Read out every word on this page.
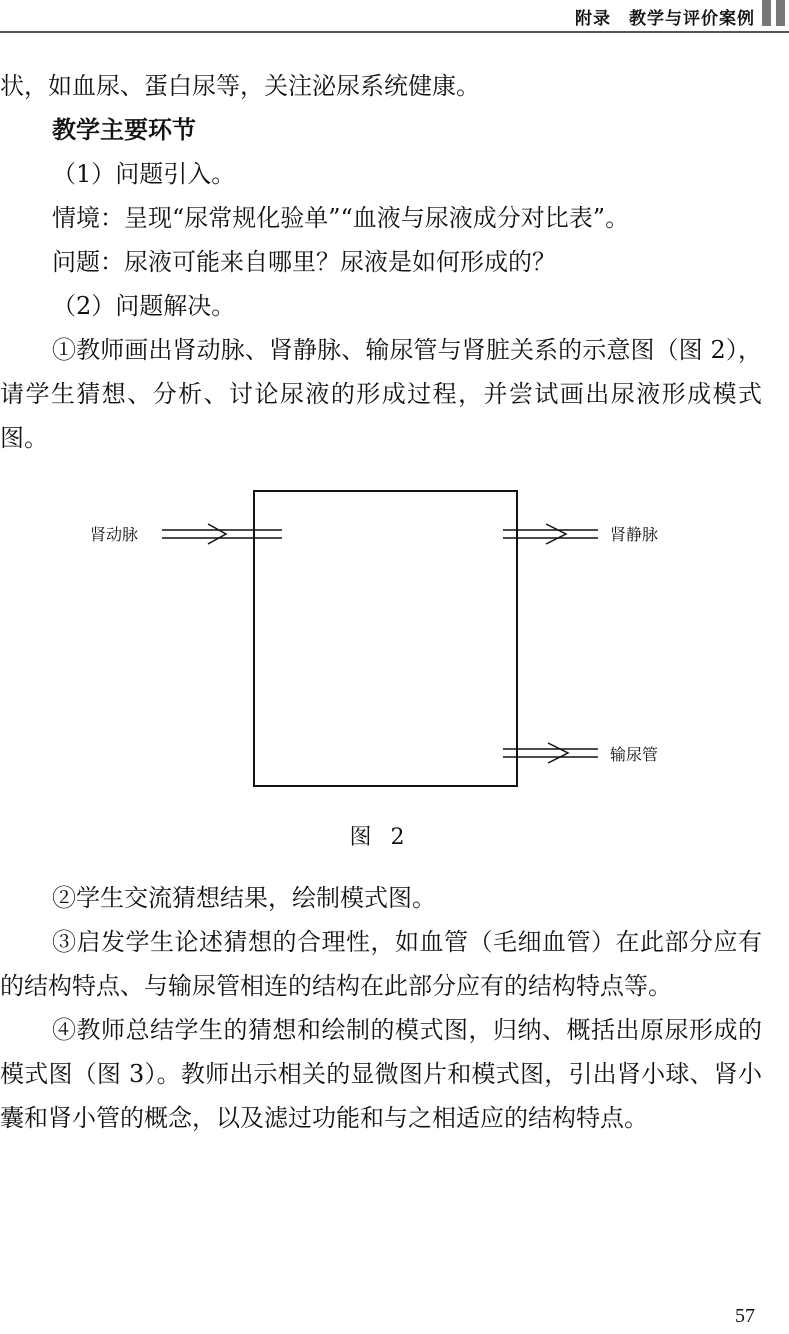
附录　教学与评价案例

状，如血尿、蛋白尿等，关注泌尿系统健康。

教学主要环节

（1）问题引入。

情境：呈现“尿常规化验单”“血液与尿液成分对比表”。

问题：尿液可能来自哪里？尿液是如何形成的？

（2）问题解决。

①教师画出肾动脉、肾静脉、输尿管与肾脏关系的示意图（图 2），请学生猜想、分析、讨论尿液的形成过程，并尝试画出尿液形成模式图。

肾动脉	肾静脉
输尿管
图 2

②学生交流猜想结果，绘制模式图。

③启发学生论述猜想的合理性，如血管（毛细血管）在此部分应有的结构特点、与输尿管相连的结构在此部分应有的结构特点等。

④教师总结学生的猜想和绘制的模式图，归纳、概括出原尿形成的模式图（图 3）。教师出示相关的显微图片和模式图，引出肾小球、肾小囊和肾小管的概念，以及滤过功能和与之相适应的结构特点。

57
